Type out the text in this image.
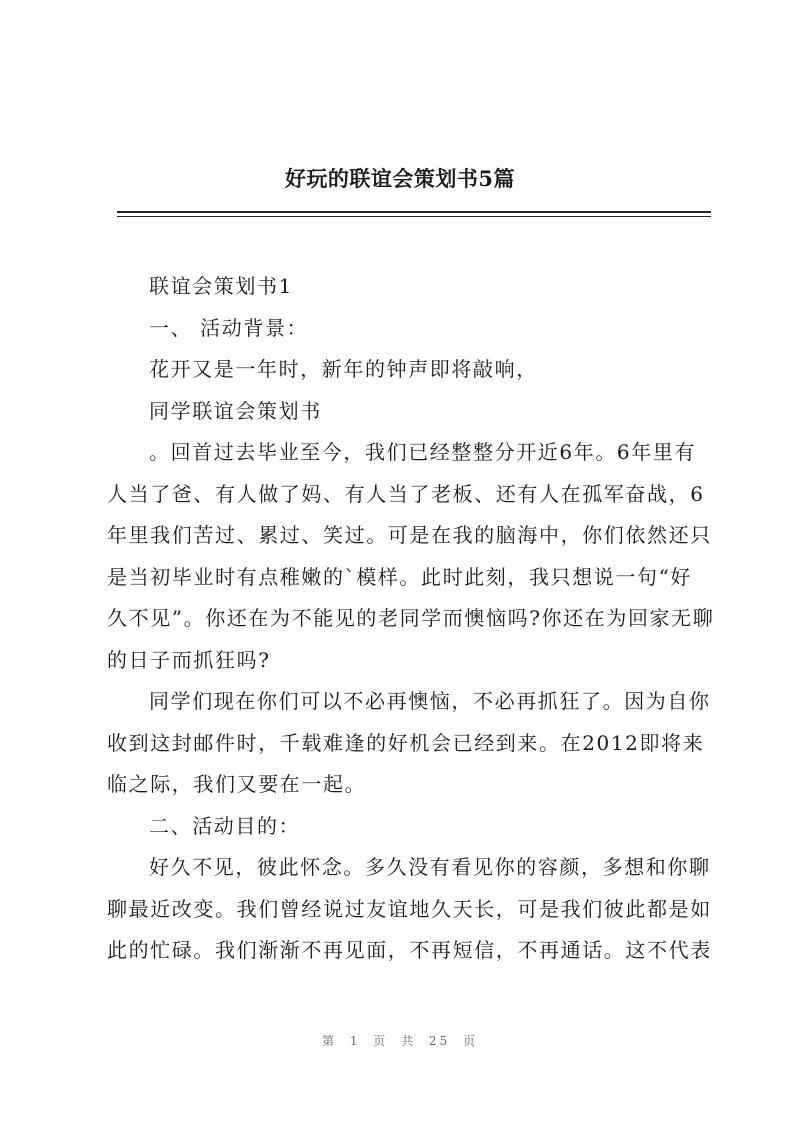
好玩的联谊会策划书5篇
联谊会策划书1
一、 活动背景：
花开又是一年时，新年的钟声即将敲响，
同学联谊会策划书
。回首过去毕业至今，我们已经整整分开近6年。6年里有
人当了爸、有人做了妈、有人当了老板、还有人在孤军奋战，6
年里我们苦过、累过、笑过。可是在我的脑海中，你们依然还只
是当初毕业时有点稚嫩的`模样。此时此刻，我只想说一句“好
久不见”。你还在为不能见的老同学而懊恼吗?你还在为回家无聊
的日子而抓狂吗?
同学们现在你们可以不必再懊恼，不必再抓狂了。因为自你
收到这封邮件时，千载难逢的好机会已经到来。在2012即将来
临之际，我们又要在一起。
二、活动目的：
好久不见，彼此怀念。多久没有看见你的容颜，多想和你聊
聊最近改变。我们曾经说过友谊地久天长，可是我们彼此都是如
此的忙碌。我们渐渐不再见面，不再短信，不再通话。这不代表
第 1 页 共 25 页
